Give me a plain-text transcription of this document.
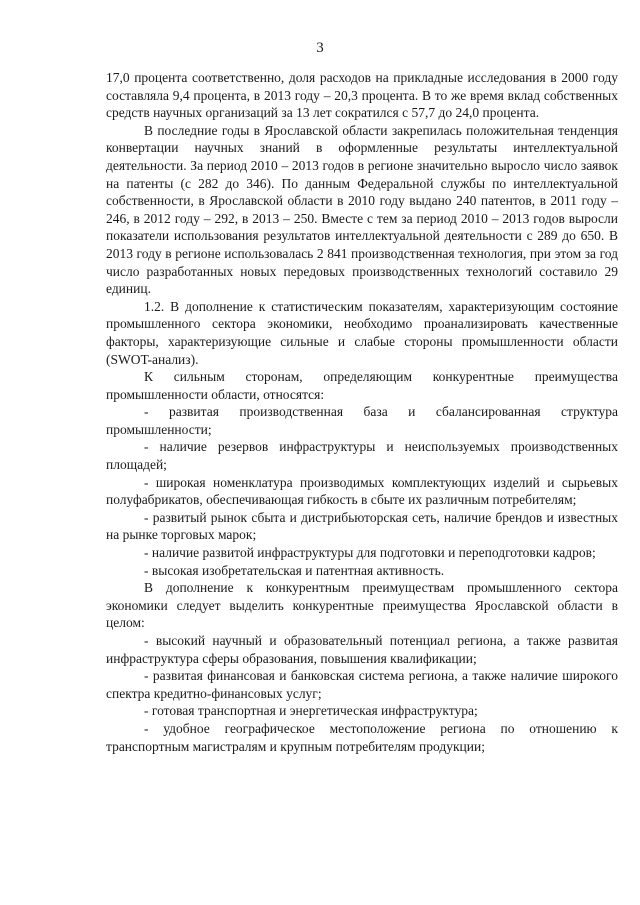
3

17,0 процента соответственно, доля расходов на прикладные исследования в 2000 году составляла 9,4 процента, в 2013 году – 20,3 процента. В то же время вклад собственных средств научных организаций за 13 лет сократился с 57,7 до 24,0 процента.

В последние годы в Ярославской области закрепилась положительная тенденция конвертации научных знаний в оформленные результаты интеллектуальной деятельности. За период 2010 – 2013 годов в регионе значительно выросло число заявок на патенты (с 282 до 346). По данным Федеральной службы по интеллектуальной собственности, в Ярославской области в 2010 году выдано 240 патентов, в 2011 году – 246, в 2012 году – 292, в 2013 – 250. Вместе с тем за период 2010 – 2013 годов выросли показатели использования результатов интеллектуальной деятельности с 289 до 650. В 2013 году в регионе использовалась 2 841 производственная технология, при этом за год число разработанных новых передовых производственных технологий составило 29 единиц.

1.2. В дополнение к статистическим показателям, характеризующим состояние промышленного сектора экономики, необходимо проанализировать качественные факторы, характеризующие сильные и слабые стороны промышленности области (SWOT-анализ).

К сильным сторонам, определяющим конкурентные преимущества промышленности области, относятся:

- развитая производственная база и сбалансированная структура промышленности;

- наличие резервов инфраструктуры и неиспользуемых производственных площадей;

- широкая номенклатура производимых комплектующих изделий и сырьевых полуфабрикатов, обеспечивающая гибкость в сбыте их различным потребителям;

- развитый рынок сбыта и дистрибьюторская сеть, наличие брендов и известных на рынке торговых марок;

- наличие развитой инфраструктуры для подготовки и переподготовки кадров;

- высокая изобретательская и патентная активность.

В дополнение к конкурентным преимуществам промышленного сектора экономики следует выделить конкурентные преимущества Ярославской области в целом:

- высокий научный и образовательный потенциал региона, а также развитая инфраструктура сферы образования, повышения квалификации;

- развитая финансовая и банковская система региона, а также наличие широкого спектра кредитно-финансовых услуг;

- готовая транспортная и энергетическая инфраструктура;

- удобное географическое местоположение региона по отношению к транспортным магистралям и крупным потребителям продукции;
